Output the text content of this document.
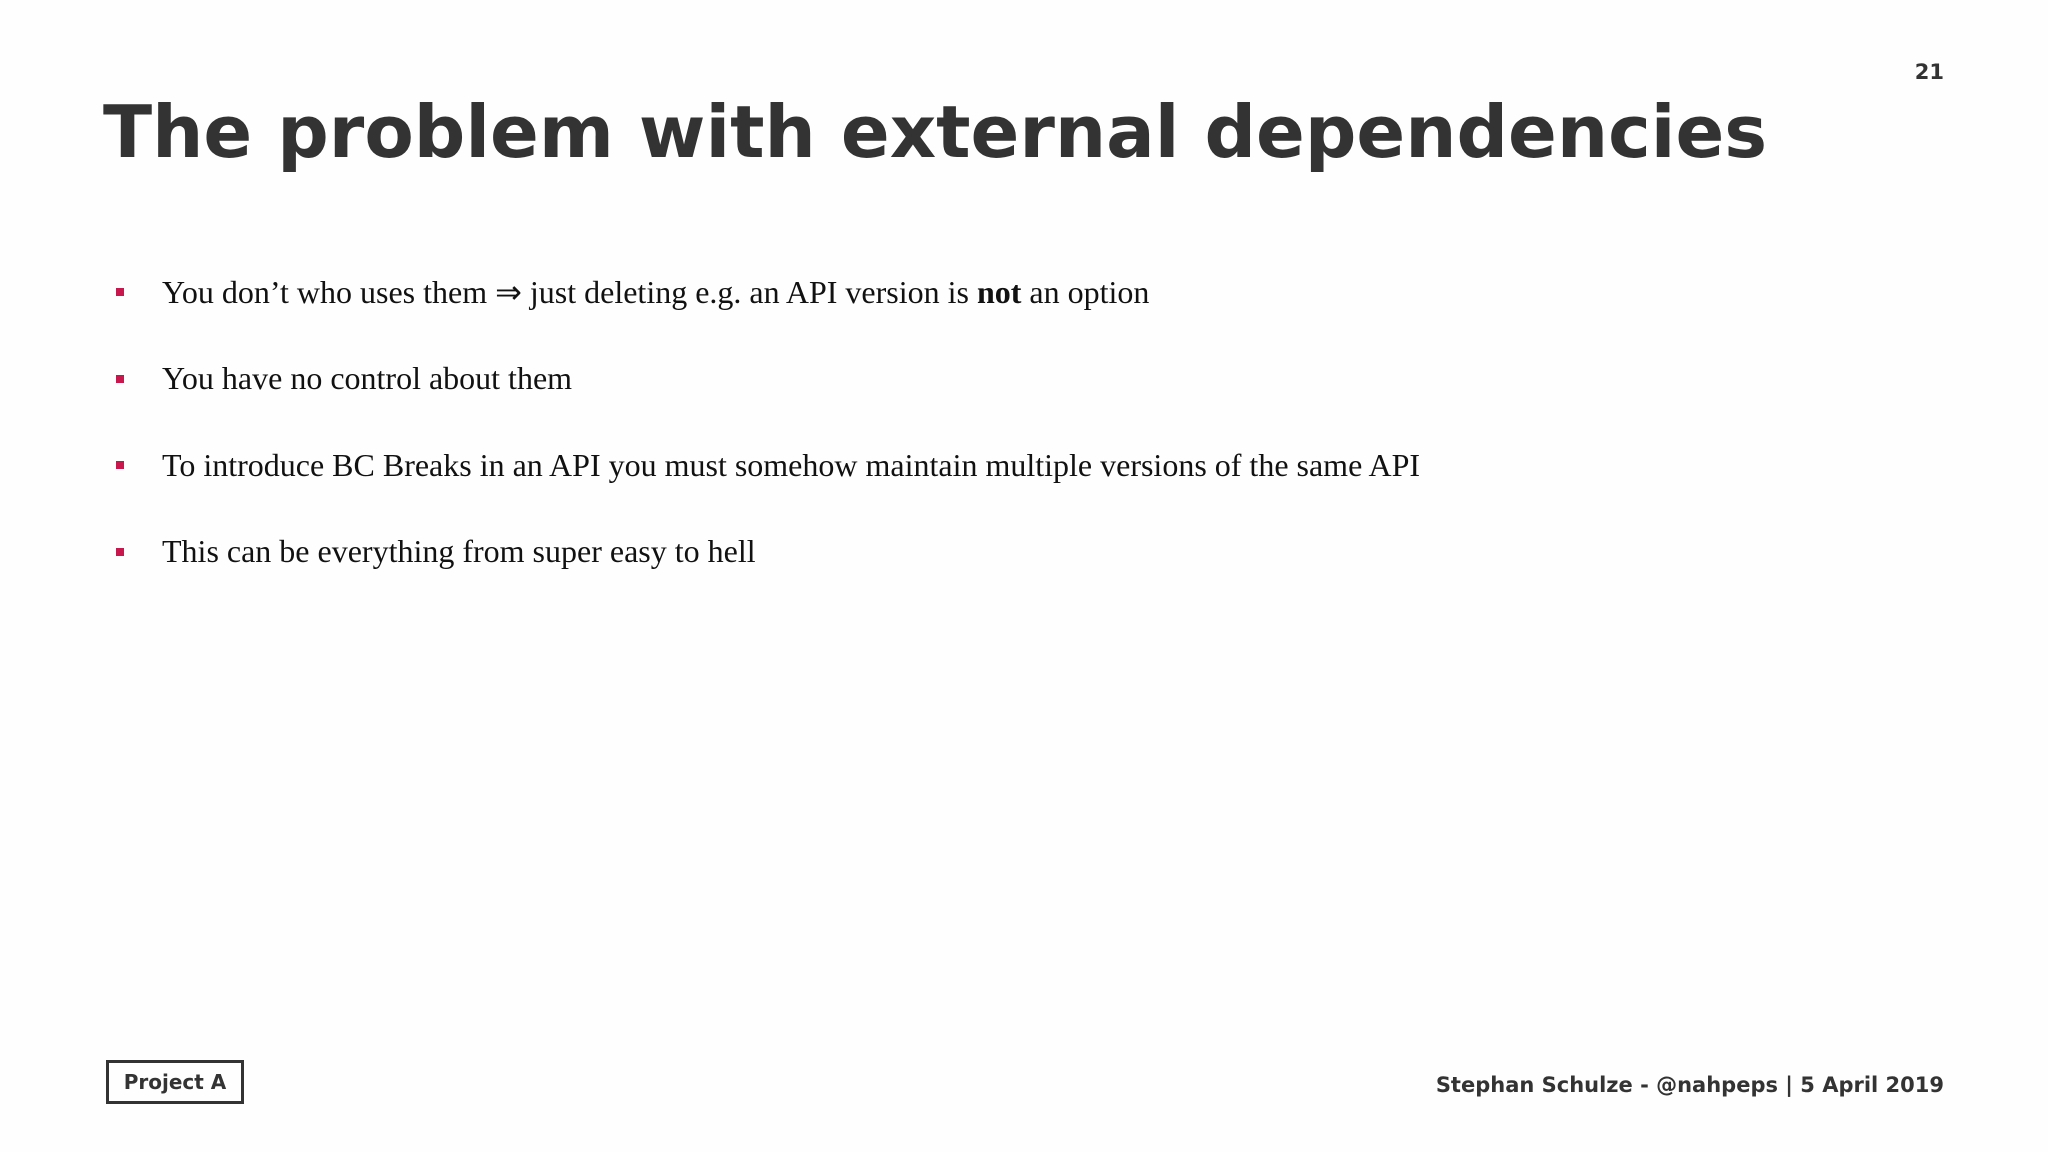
21
The problem with external dependencies
You don’t who uses them ⇒ just deleting e.g. an API version is not an option
You have no control about them
To introduce BC Breaks in an API you must somehow maintain multiple versions of the same API
This can be everything from super easy to hell
Project A	Stephan Schulze - @nahpeps | 5 April 2019
